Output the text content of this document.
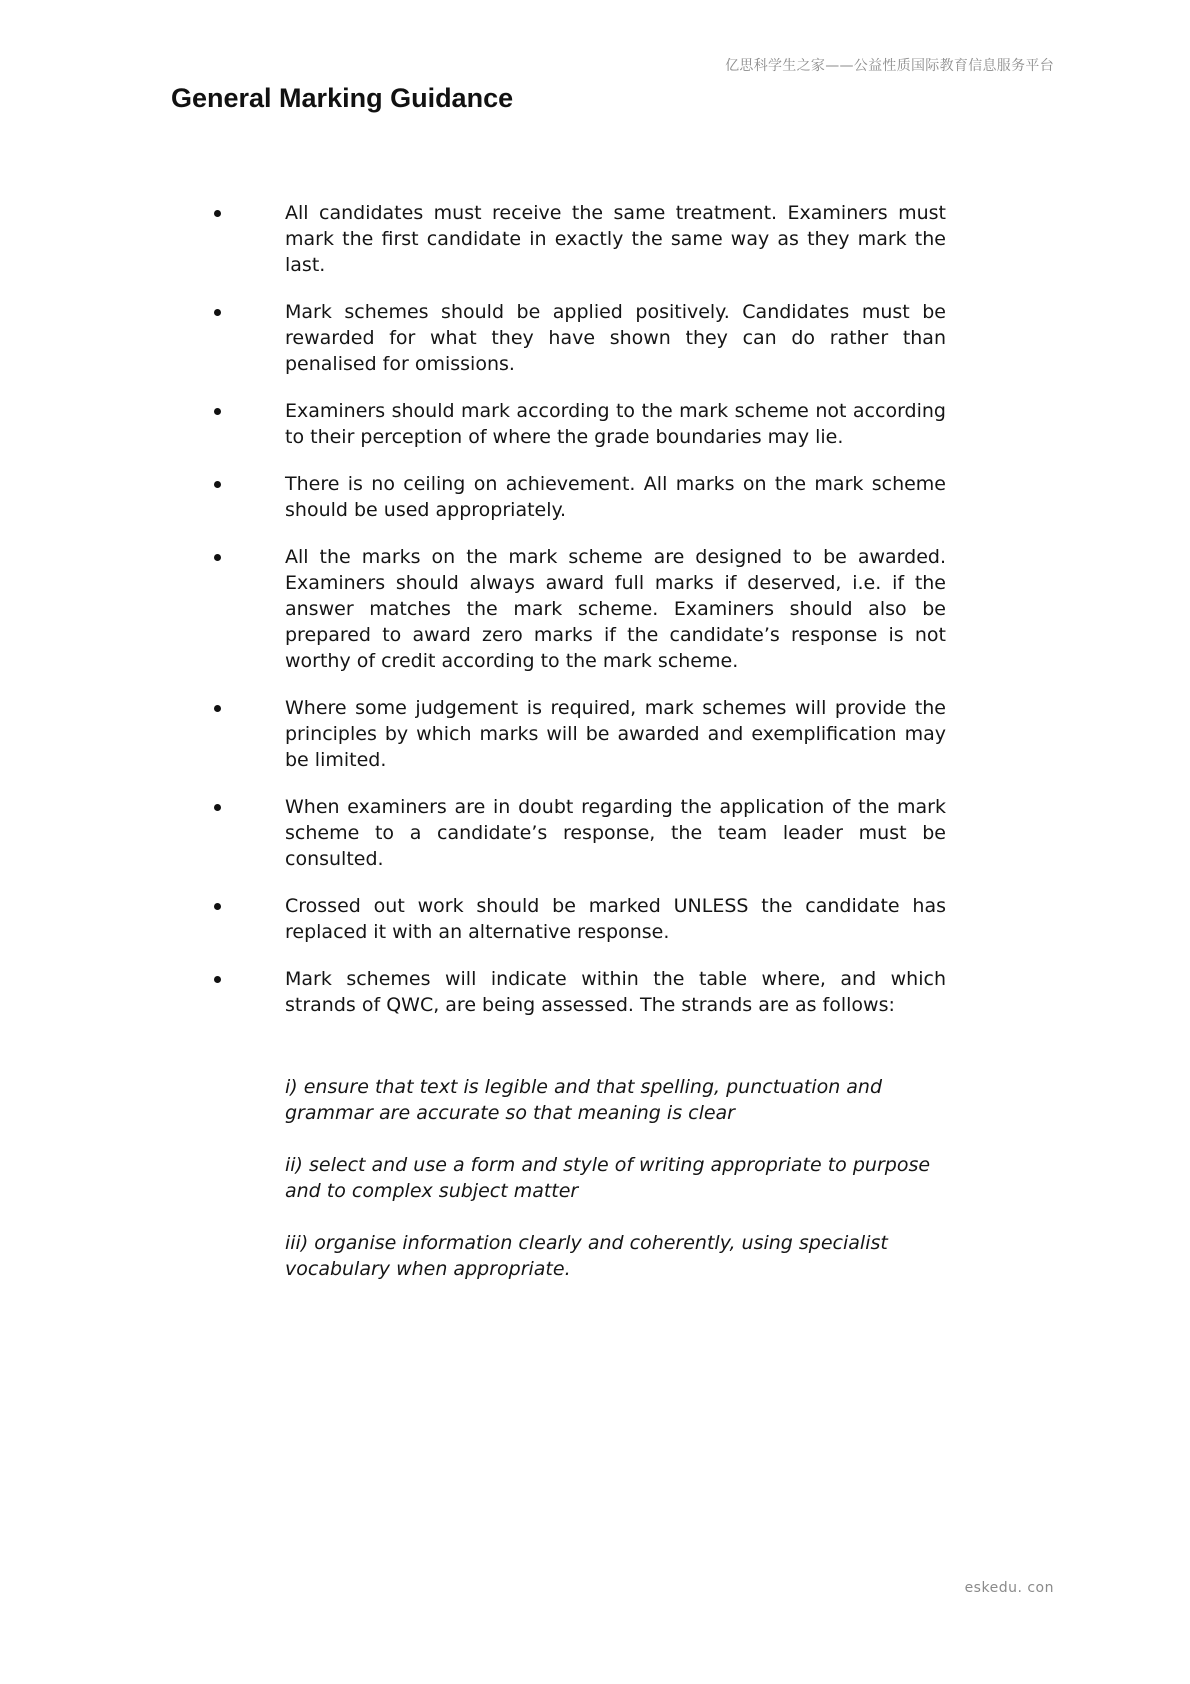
亿思科学生之家——公益性质国际教育信息服务平台
General Marking Guidance
All candidates must receive the same treatment. Examiners must mark the first candidate in exactly the same way as they mark the last.
Mark schemes should be applied positively. Candidates must be rewarded for what they have shown they can do rather than penalised for omissions.
Examiners should mark according to the mark scheme not according to their perception of where the grade boundaries may lie.
There is no ceiling on achievement. All marks on the mark scheme should be used appropriately.
All the marks on the mark scheme are designed to be awarded. Examiners should always award full marks if deserved, i.e. if the answer matches the mark scheme. Examiners should also be prepared to award zero marks if the candidate’s response is not worthy of credit according to the mark scheme.
Where some judgement is required, mark schemes will provide the principles by which marks will be awarded and exemplification may be limited.
When examiners are in doubt regarding the application of the mark scheme to a candidate’s response, the team leader must be consulted.
Crossed out work should be marked UNLESS the candidate has replaced it with an alternative response.
Mark schemes will indicate within the table where, and which strands of QWC, are being assessed. The strands are as follows:
i) ensure that text is legible and that spelling, punctuation and grammar are accurate so that meaning is clear
ii) select and use a form and style of writing appropriate to purpose and to complex subject matter
iii) organise information clearly and coherently, using specialist vocabulary when appropriate.
eskedu. con
